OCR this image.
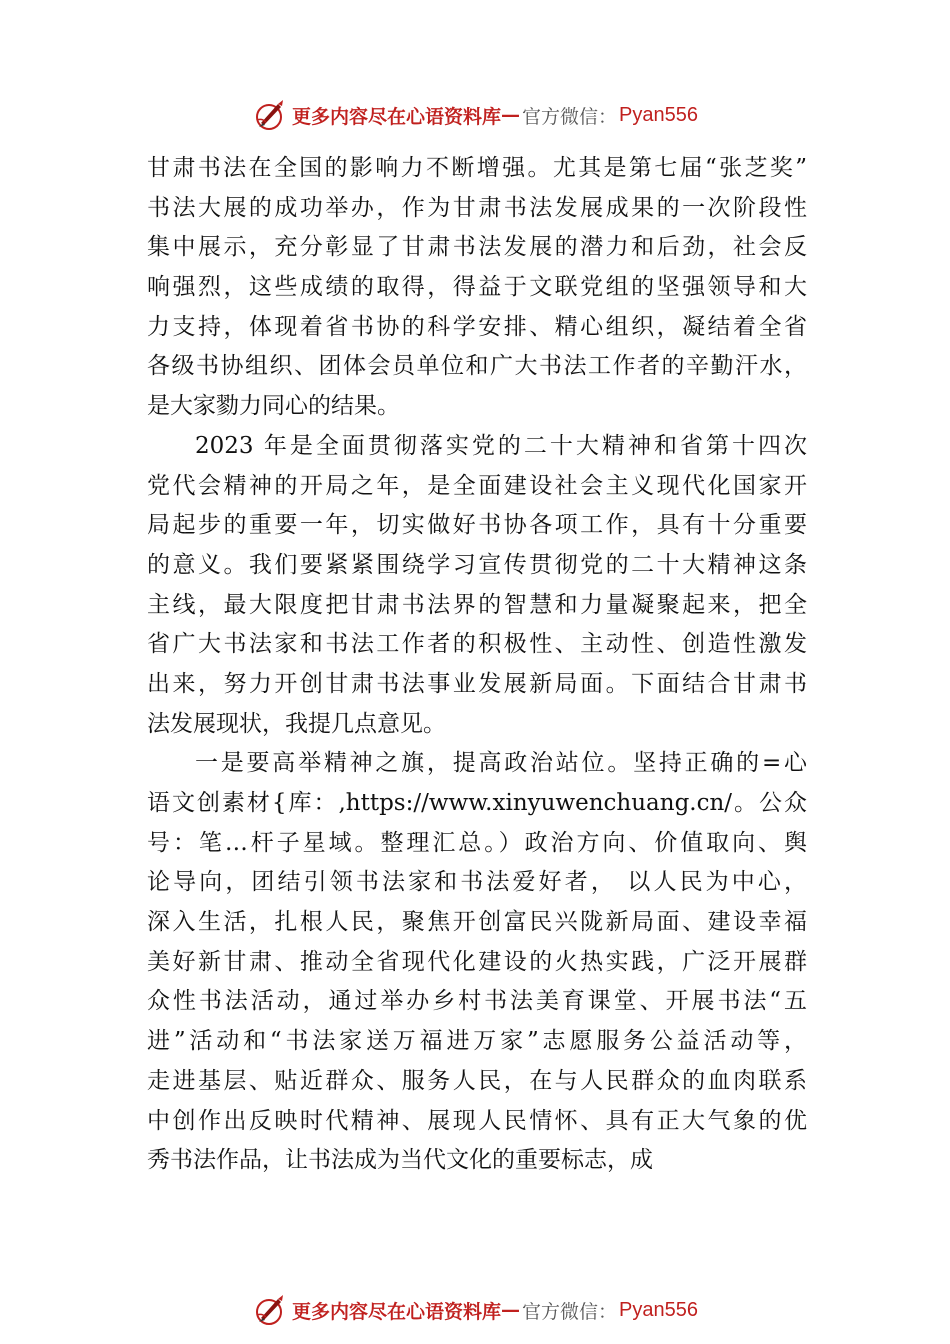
更多内容尽在心语资料库 — 官方微信： Pyan556
甘肃书法在全国的影响力不断增强。尤其是第七届“张芝奖”
书法大展的成功举办，作为甘肃书法发展成果的一次阶段性
集中展示，充分彰显了甘肃书法发展的潜力和后劲，社会反
响强烈，这些成绩的取得，得益于文联党组的坚强领导和大
力支持，体现着省书协的科学安排、精心组织，凝结着全省
各级书协组织、团体会员单位和广大书法工作者的辛勤汗水，
是大家勠力同心的结果。
2023 年是全面贯彻落实党的二十大精神和省第十四次
党代会精神的开局之年，是全面建设社会主义现代化国家开
局起步的重要一年，切实做好书协各项工作，具有十分重要
的意义。我们要紧紧围绕学习宣传贯彻党的二十大精神这条
主线，最大限度把甘肃书法界的智慧和力量凝聚起来，把全
省广大书法家和书法工作者的积极性、主动性、创造性激发
出来，努力开创甘肃书法事业发展新局面。下面结合甘肃书
法发展现状，我提几点意见。
一是要高举精神之旗，提高政治站位。坚持正确的=心
语文创素材{库：,https://www.xinyuwenchuang.cn/。公众
号：笔…杆子星域。整理汇总。）政治方向、价值取向、舆
论导向，团结引领书法家和书法爱好者， 以人民为中心，
深入生活，扎根人民，聚焦开创富民兴陇新局面、建设幸福
美好新甘肃、推动全省现代化建设的火热实践，广泛开展群
众性书法活动，通过举办乡村书法美育课堂、开展书法“五
进”活动和“书法家送万福进万家”志愿服务公益活动等，
走进基层、贴近群众、服务人民，在与人民群众的血肉联系
中创作出反映时代精神、展现人民情怀、具有正大气象的优
秀书法作品，让书法成为当代文化的重要标志，成
更多内容尽在心语资料库 — 官方微信： Pyan556
